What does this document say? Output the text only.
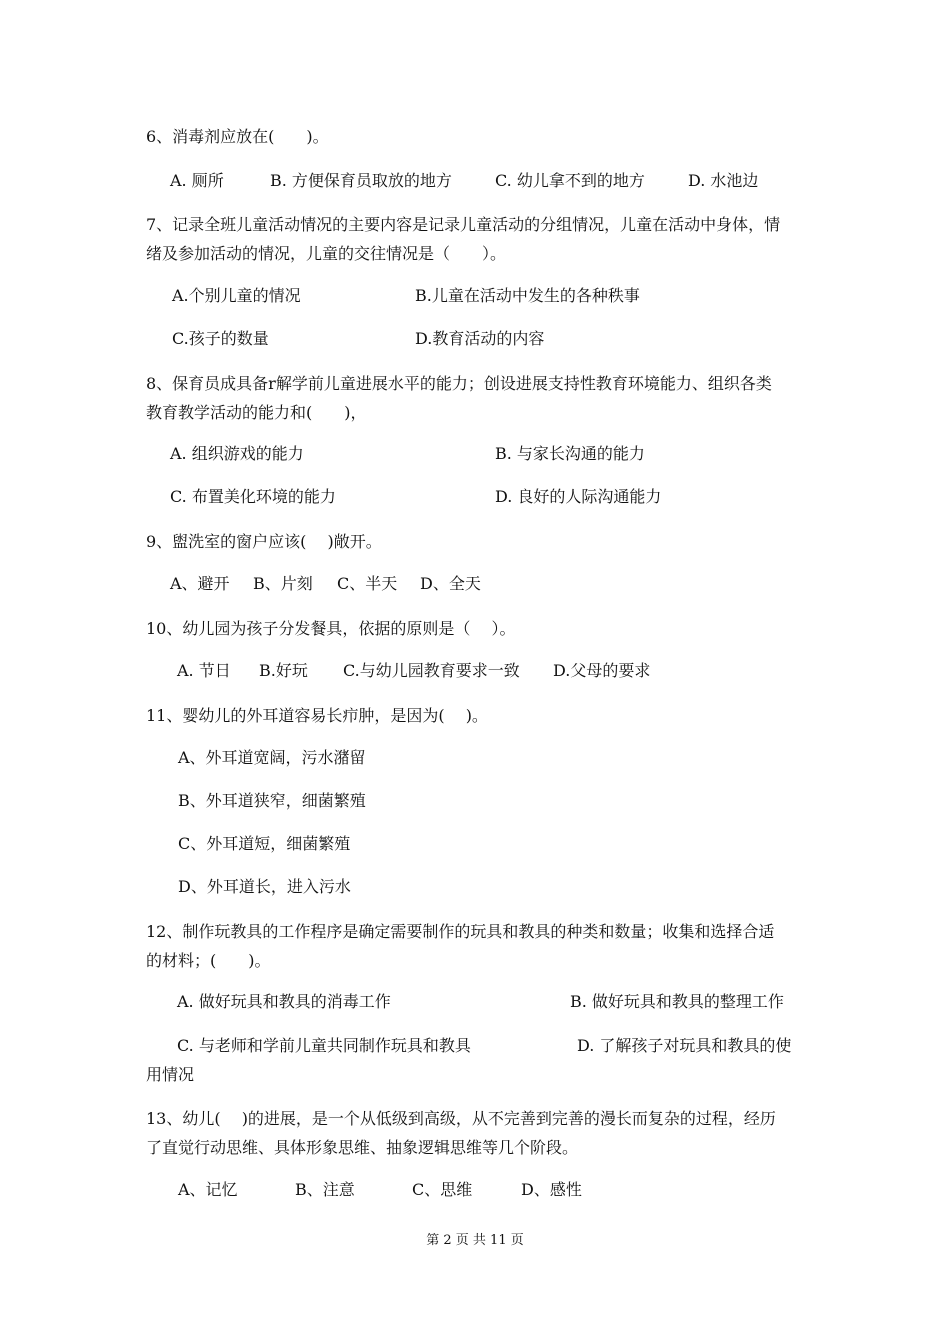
6、消毒剂应放在(　　)。
A. 厕所	B. 方便保育员取放的地方	C. 幼儿拿不到的地方	D. 水池边
7、记录全班儿童活动情况的主要内容是记录儿童活动的分组情况，儿童在活动中身体，情
绪及参加活动的情况，儿童的交往情况是（　　）。
A.个别儿童的情况	B.儿童在活动中发生的各种秩事
C.孩子的数量	D.教育活动的内容
8、保育员成具备r解学前儿童进展水平的能力；创设进展支持性教育环境能力、组织各类
教育教学活动的能力和(　　)，
A. 组织游戏的能力	B. 与家长沟通的能力
C. 布置美化环境的能力	D. 良好的人际沟通能力
9、盥洗室的窗户应该(　 )敞开。
A、避开 B、片刻 C、半天 D、全天
10、幼儿园为孩子分发餐具，依据的原则是（　 ）。
A. 节日 B.好玩 C.与幼儿园教育要求一致 D.父母的要求
11、婴幼儿的外耳道容易长疖肿，是因为(　 )。
A、外耳道宽阔，污水潴留
B、外耳道狭窄，细菌繁殖
C、外耳道短，细菌繁殖
D、外耳道长，进入污水
12、制作玩教具的工作程序是确定需要制作的玩具和教具的种类和数量；收集和选择合适
的材料；(　　)。
A. 做好玩具和教具的消毒工作	B. 做好玩具和教具的整理工作
C. 与老师和学前儿童共同制作玩具和教具	D. 了解孩子对玩具和教具的使
用情况
13、幼儿(　 )的进展，是一个从低级到高级，从不完善到完善的漫长而复杂的过程，经历
了直觉行动思维、具体形象思维、抽象逻辑思维等几个阶段。
A、记忆	B、注意	C、思维	D、感性
第 2 页 共 11 页
